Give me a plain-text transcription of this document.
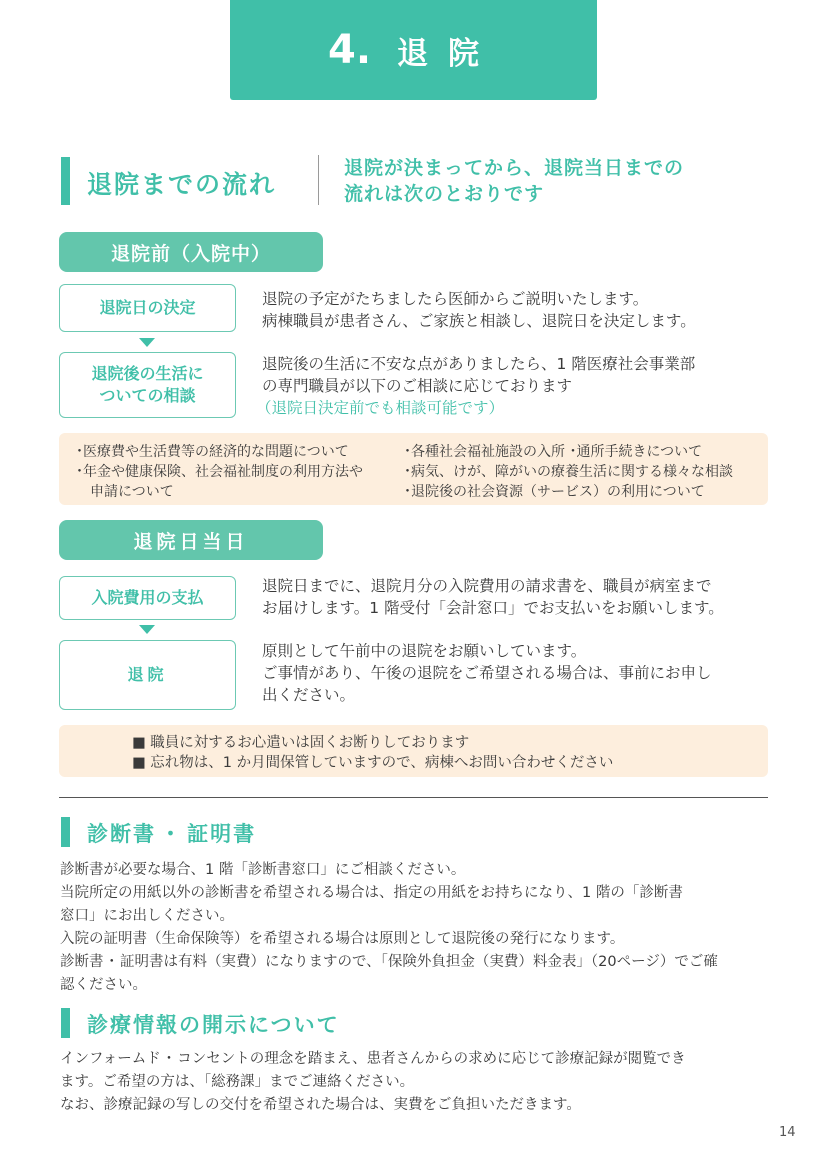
4. 退院
退院までの流れ
退院が決まってから、退院当日までの
流れは次のとおりです
退院前（入院中）
退院日の決定	退院の予定がたちましたら医師からご説明いたします。
病棟職員が患者さん、ご家族と相談し、退院日を決定します。
退院後の生活に
ついての相談
退院後の生活に不安な点がありましたら、1 階医療社会事業部
の専門職員が以下のご相談に応じております
（退院日決定前でも相談可能です）
･医療費や生活費等の経済的な問題について
･年金や健康保険、社会福祉制度の利用方法や
　申請について
･各種社会福祉施設の入所 ･通所手続きについて
･病気、けが、障がいの療養生活に関する様々な相談
･退院後の社会資源（サービス）の利用について
退院日当日
入院費用の支払
退院日までに、退院月分の入院費用の請求書を、職員が病室まで
お届けします。1 階受付「会計窓口」でお支払いをお願いします。
退院
原則として午前中の退院をお願いしています。
ご事情があり、午後の退院をご希望される場合は、事前にお申し
出ください。
■ 職員に対するお心遣いは固くお断りしております
■ 忘れ物は、1 か月間保管していますので、病棟へお問い合わせください
診断書 ･ 証明書
診断書が必要な場合、1 階「診断書窓口」にご相談ください。
当院所定の用紙以外の診断書を希望される場合は、指定の用紙をお持ちになり、1 階の「診断書
窓口」にお出しください。
入院の証明書（生命保険等）を希望される場合は原則として退院後の発行になります。
診断書 ･ 証明書は有料（実費）になりますので、「保険外負担金（実費）料金表」（20ページ）でご確
認ください。
診療情報の開示について
インフォームド ･ コンセントの理念を踏まえ、患者さんからの求めに応じて診療記録が閲覧でき
ます。ご希望の方は、「総務課」までご連絡ください。
なお、診療記録の写しの交付を希望された場合は、実費をご負担いただきます。
14
